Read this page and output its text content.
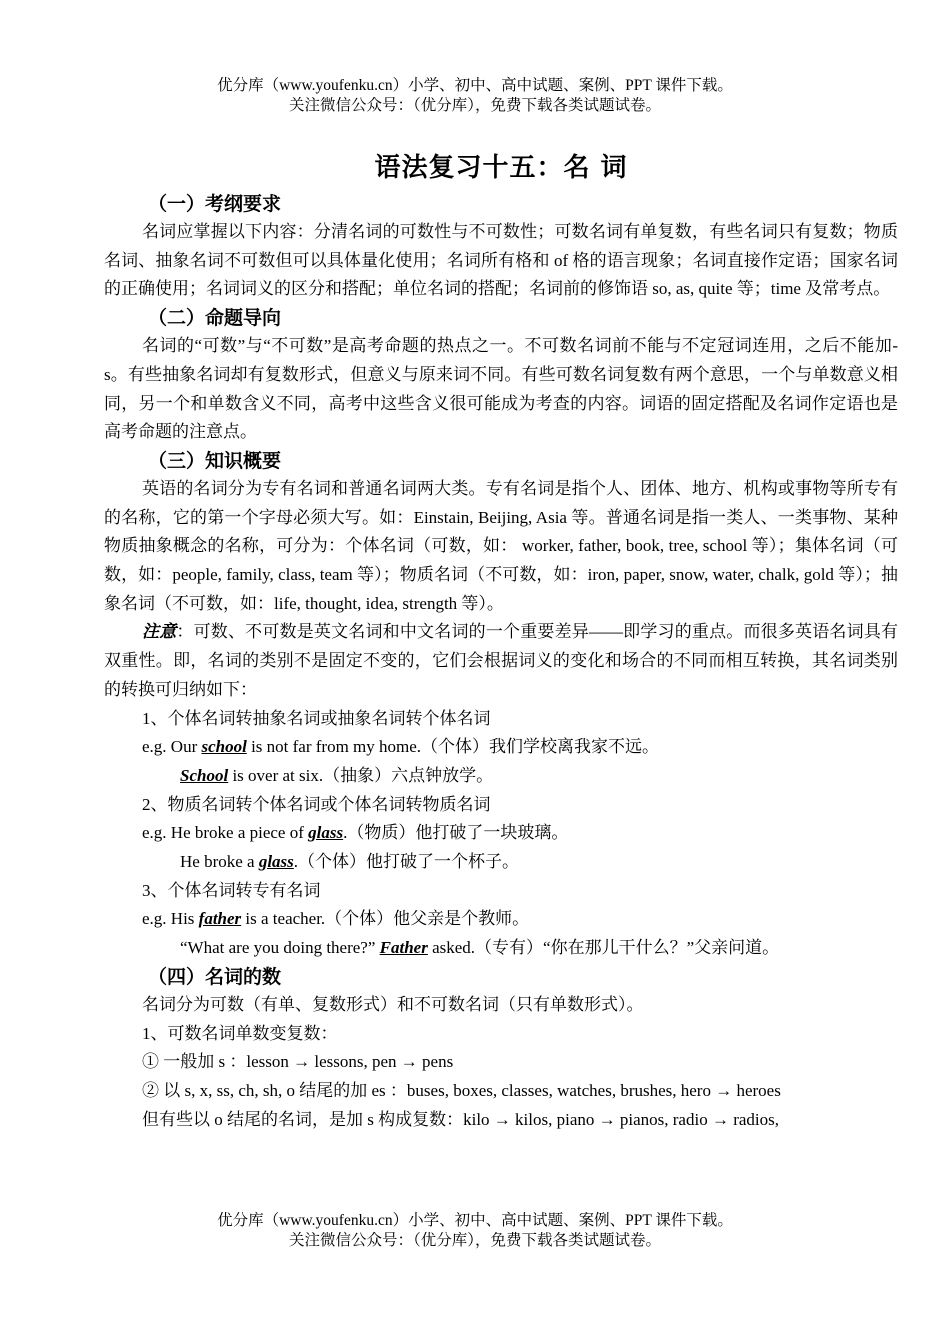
优分库（www.youfenku.cn）小学、初中、高中试题、案例、PPT 课件下载。
关注微信公众号：（优分库），免费下载各类试题试卷。
语法复习十五：名 词
（一）考纲要求

名词应掌握以下内容：分清名词的可数性与不可数性；可数名词有单复数，有些名词只有复数；物质名词、抽象名词不可数但可以具体量化使用；名词所有格和 of 格的语言现象；名词直接作定语；国家名词的正确使用；名词词义的区分和搭配；单位名词的搭配；名词前的修饰语 so, as, quite 等；time 及常考点。

（二）命题导向

名词的“可数”与“不可数”是高考命题的热点之一。不可数名词前不能与不定冠词连用，之后不能加-s。有些抽象名词却有复数形式，但意义与原来词不同。有些可数名词复数有两个意思，一个与单数意义相同，另一个和单数含义不同，高考中这些含义很可能成为考查的内容。词语的固定搭配及名词作定语也是高考命题的注意点。

（三）知识概要

英语的名词分为专有名词和普通名词两大类。专有名词是指个人、团体、地方、机构或事物等所专有的名称，它的第一个字母必须大写。如：Einstain, Beijing, Asia 等。普通名词是指一类人、一类事物、某种物质抽象概念的名称，可分为：个体名词（可数，如： worker, father, book, tree, school 等）；集体名词（可数，如：people, family, class, team 等）；物质名词（不可数，如：iron, paper, snow, water, chalk, gold 等）；抽象名词（不可数，如：life, thought, idea, strength 等）。

注意：可数、不可数是英文名词和中文名词的一个重要差异——即学习的重点。而很多英语名词具有双重性。即，名词的类别不是固定不变的，它们会根据词义的变化和场合的不同而相互转换，其名词类别的转换可归纳如下：

1、个体名词转抽象名词或抽象名词转个体名词
e.g. Our school is not far from my home.（个体）我们学校离我家不远。
School is over at six.（抽象）六点钟放学。
2、物质名词转个体名词或个体名词转物质名词
e.g. He broke a piece of glass.（物质）他打破了一块玻璃。
He broke a glass.（个体）他打破了一个杯子。
3、个体名词转专有名词
e.g. His father is a teacher.（个体）他父亲是个教师。
“What are you doing there?” Father asked.（专有）“你在那儿干什么？”父亲问道。
（四）名词的数
名词分为可数（有单、复数形式）和不可数名词（只有单数形式）。
1、可数名词单数变复数：
① 一般加 s ：lesson → lessons, pen → pens
② 以 s, x, ss, ch, sh, o 结尾的加 es ：buses, boxes, classes, watches, brushes, hero → heroes
但有些以 o 结尾的名词，是加 s 构成复数：kilo → kilos, piano → pianos, radio → radios,
优分库（www.youfenku.cn）小学、初中、高中试题、案例、PPT 课件下载。
关注微信公众号：（优分库），免费下载各类试题试卷。
